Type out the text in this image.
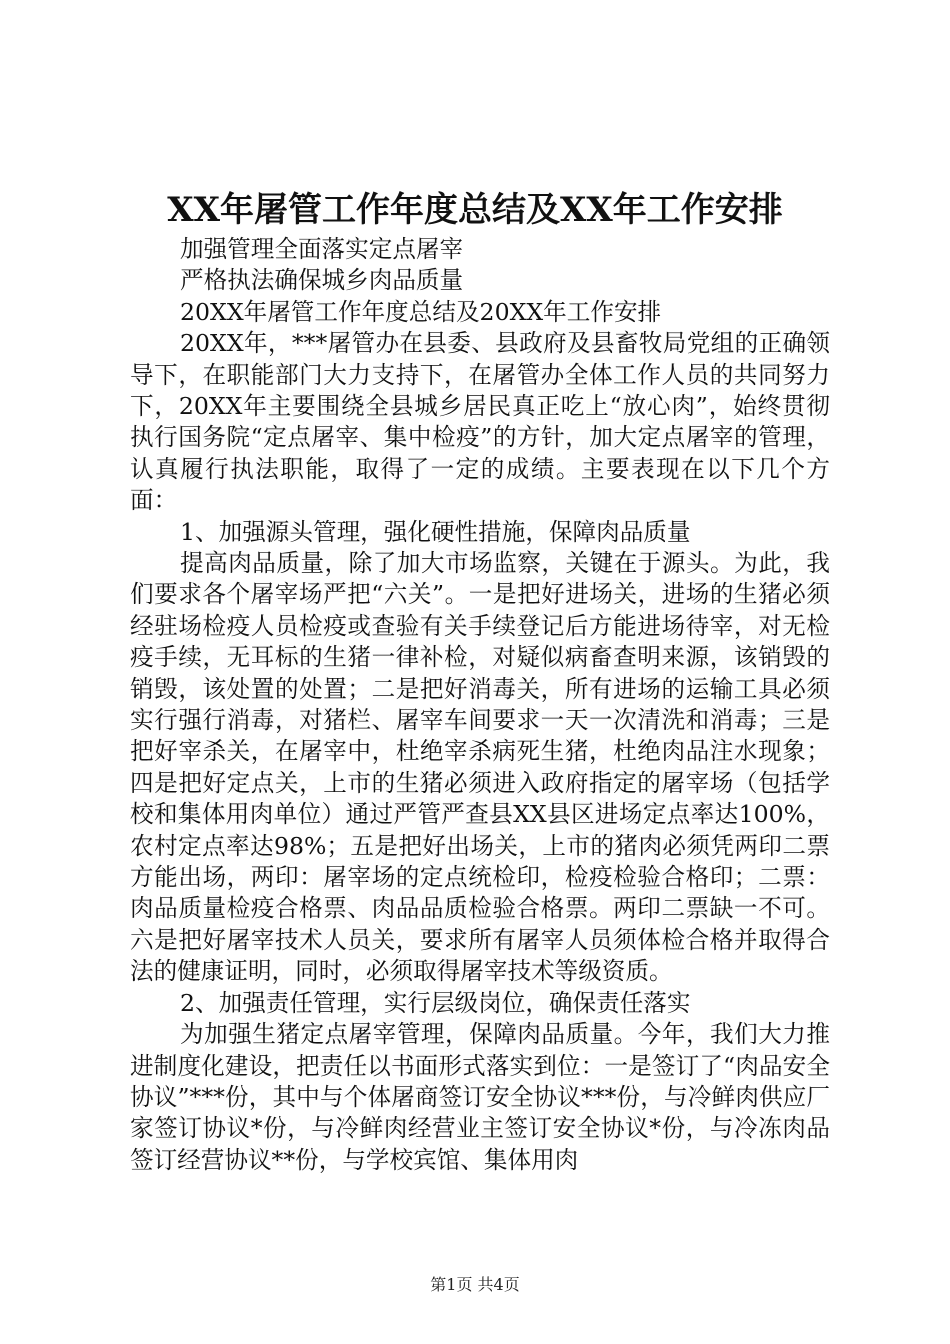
XX年屠管工作年度总结及XX年工作安排
加强管理全面落实定点屠宰
严格执法确保城乡肉品质量
20XX年屠管工作年度总结及20XX年工作安排

20XX年，***屠管办在县委、县政府及县畜牧局党组的正确领导下，在职能部门大力支持下，在屠管办全体工作人员的共同努力下，20XX年主要围绕全县城乡居民真正吃上“放心肉”，始终贯彻执行国务院“定点屠宰、集中检疫”的方针，加大定点屠宰的管理，认真履行执法职能，取得了一定的成绩。主要表现在以下几个方面：

1、加强源头管理，强化硬性措施，保障肉品质量

提高肉品质量，除了加大市场监察，关键在于源头。为此，我们要求各个屠宰场严把“六关”。一是把好进场关，进场的生猪必须经驻场检疫人员检疫或查验有关手续登记后方能进场待宰，对无检疫手续，无耳标的生猪一律补检，对疑似病畜查明来源，该销毁的销毁，该处置的处置；二是把好消毒关，所有进场的运输工具必须实行强行消毒，对猪栏、屠宰车间要求一天一次清洗和消毒；三是把好宰杀关，在屠宰中，杜绝宰杀病死生猪，杜绝肉品注水现象；四是把好定点关，上市的生猪必须进入政府指定的屠宰场（包括学校和集体用肉单位）通过严管严查县XX县区进场定点率达100%，农村定点率达98%；五是把好出场关，上市的猪肉必须凭两印二票方能出场，两印：屠宰场的定点统检印，检疫检验合格印；二票：肉品质量检疫合格票、肉品品质检验合格票。两印二票缺一不可。六是把好屠宰技术人员关，要求所有屠宰人员须体检合格并取得合法的健康证明，同时，必须取得屠宰技术等级资质。

2、加强责任管理，实行层级岗位，确保责任落实

为加强生猪定点屠宰管理，保障肉品质量。今年，我们大力推进制度化建设，把责任以书面形式落实到位：一是签订了“肉品安全协议”***份，其中与个体屠商签订安全协议***份，与冷鲜肉供应厂家签订协议*份，与冷鲜肉经营业主签订安全协议*份，与冷冻肉品签订经营协议**份，与学校宾馆、集体用肉

第1页 共4页
